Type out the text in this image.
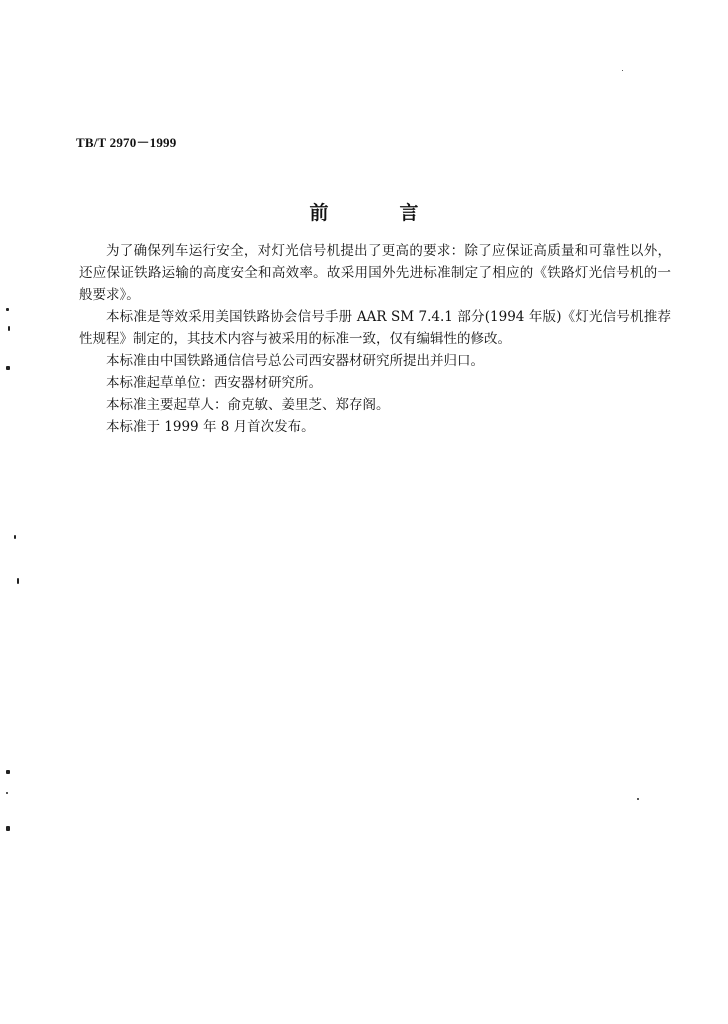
TB/T 2970－1999
前　言

为了确保列车运行安全，对灯光信号机提出了更高的要求：除了应保证高质量和可靠性以外，还应保证铁路运输的高度安全和高效率。故采用国外先进标准制定了相应的《铁路灯光信号机的一般要求》。

本标准是等效采用美国铁路协会信号手册 AAR SM 7.4.1 部分(1994 年版)《灯光信号机推荐性规程》制定的，其技术内容与被采用的标准一致，仅有编辑性的修改。

本标准由中国铁路通信信号总公司西安器材研究所提出并归口。

本标准起草单位：西安器材研究所。

本标准主要起草人：俞克敏、姜里芝、郑存阁。

本标准于 1999 年 8 月首次发布。
